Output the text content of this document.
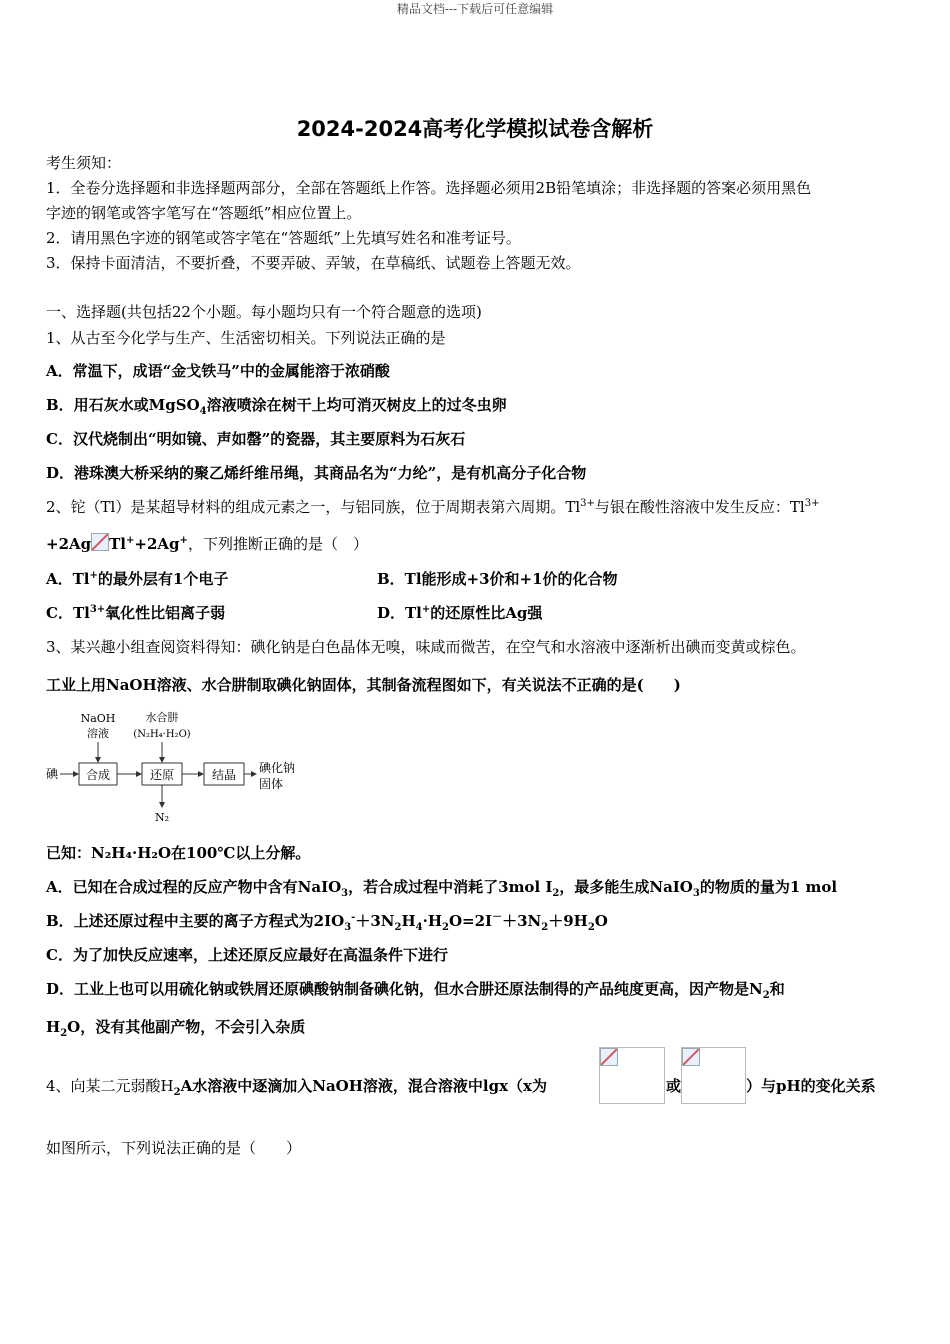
精品文档---下载后可任意编辑
2024-2024高考化学模拟试卷含解析
考生须知：
1．全卷分选择题和非选择题两部分，全部在答题纸上作答。选择题必须用2B铅笔填涂；非选择题的答案必须用黑色
字迹的钢笔或答字笔写在“答题纸”相应位置上。
2．请用黑色字迹的钢笔或答字笔在“答题纸”上先填写姓名和准考证号。
3．保持卡面清洁，不要折叠，不要弄破、弄皱，在草稿纸、试题卷上答题无效。
一、选择题(共包括22个小题。每小题均只有一个符合题意的选项)
1、从古至今化学与生产、生活密切相关。下列说法正确的是
A．常温下，成语“金戈铁马”中的金属能溶于浓硝酸
B．用石灰水或MgSO$_4$溶液喷涂在树干上均可消灭树皮上的过冬虫卵
C．汉代烧制出“明如镜、声如罄”的瓷器，其主要原料为石灰石
D．港珠澳大桥采纳的聚乙烯纤维吊绳，其商品名为“力纶”，是有机高分子化合物
2、铊（Tl）是某超导材料的组成元素之一，与铝同族，位于周期表第六周期。$Tl^{3+}$与银在酸性溶液中发生反应：$Tl^{3+}$
+2Ag Tl++2Ag+，下列推断正确的是（　）
A．Tl+的最外层有1个电子	B．Tl能形成+3价和+1价的化合物
C．$Tl^{3+}$氧化性比铝离子弱	D．Tl+的还原性比Ag强
3、某兴趣小组查阅资料得知：碘化钠是白色晶体无嗅，味咸而微苦，在空气和水溶液中逐渐析出碘而变黄或棕色。
工业上用NaOH溶液、水合肼制取碘化钠固体，其制备流程图如下，有关说法不正确的是(　　)
NaOH
溶液
水合肼
(N₂H₄·H₂O)
碘 合成	还原
N₂
结晶 碘化钠
固体
已知：N₂H₄·H₂O在100℃以上分解。
A．已知在合成过程的反应产物中含有NaIO$_3$，若合成过程中消耗了3mol $I_2$，最多能生成NaIO$_3$的物质的量为1 mol
B．上述还原过程中主要的离子方程式为$2IO_3^-+3N_2H_4\cdot H_2O=2I^-+3N_2+9H_2O$
C．为了加快反应速率，上述还原反应最好在高温条件下进行
D．工业上也可以用硫化钠或铁屑还原碘酸钠制备碘化钠，但水合肼还原法制得的产品纯度更高，因产物是$N_2$和
$H_2O$，没有其他副产物，不会引入杂质
4、向某二元弱酸$H_2A$水溶液中逐滴加入NaOH溶液，混合溶液中lgx（x为	或	）与pH的变化关系
如图所示，下列说法正确的是（　　）
